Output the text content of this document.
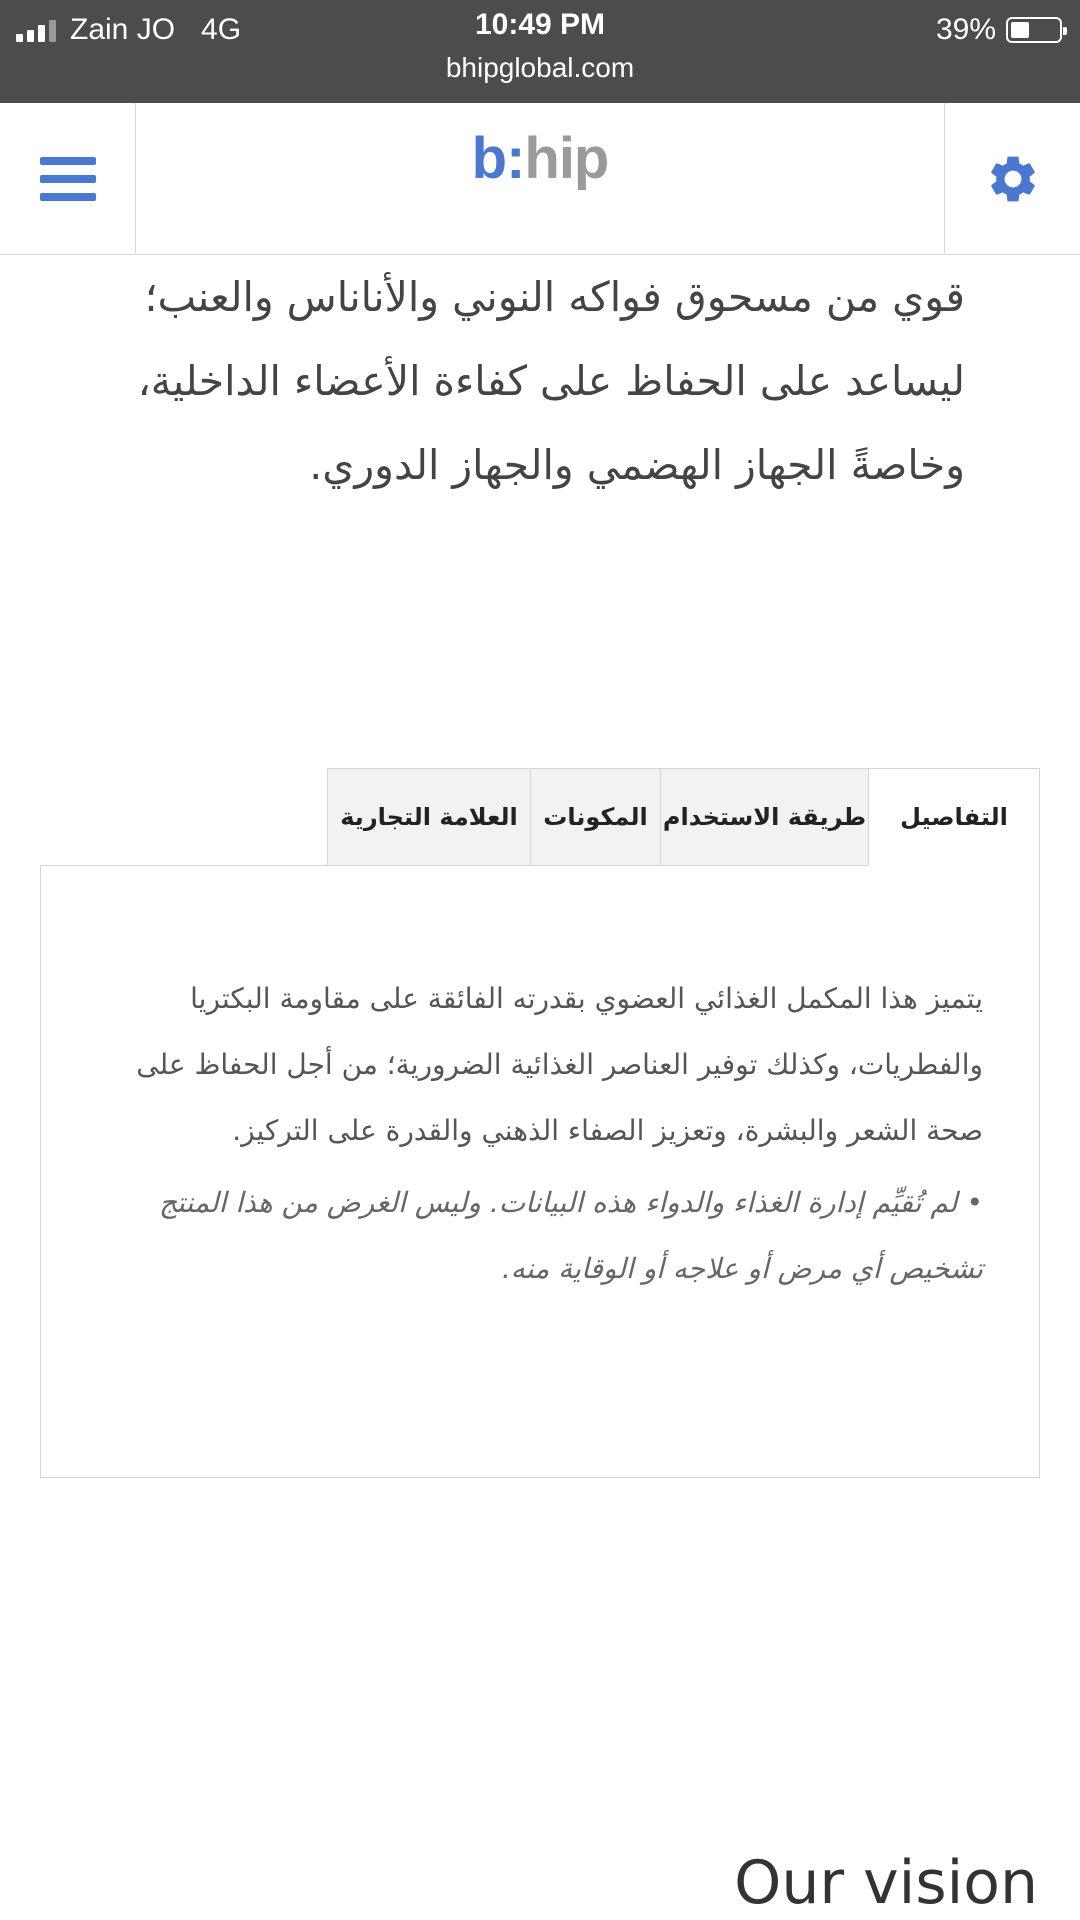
Zain JO 4G	10:49 PM	39%
bhipglobal.com
b:hip
قوي من مسحوق فواكه النوني والأناناس والعنب؛
ليساعد على الحفاظ على كفاءة الأعضاء الداخلية،
وخاصةً الجهاز الهضمي والجهاز الدوري.
التفاصيل
طريقة الاستخدام
المكونات
العلامة التجارية

يتميز هذا المكمل الغذائي العضوي بقدرته الفائقة على مقاومة البكتريا والفطريات، وكذلك توفير العناصر الغذائية الضرورية؛ من أجل الحفاظ على صحة الشعر والبشرة، وتعزيز الصفاء الذهني والقدرة على التركيز.

• لم تُقيِّم إدارة الغذاء والدواء هذه البيانات. وليس الغرض من هذا المنتج تشخيص أي مرض أو علاجه أو الوقاية منه.

Our vision
